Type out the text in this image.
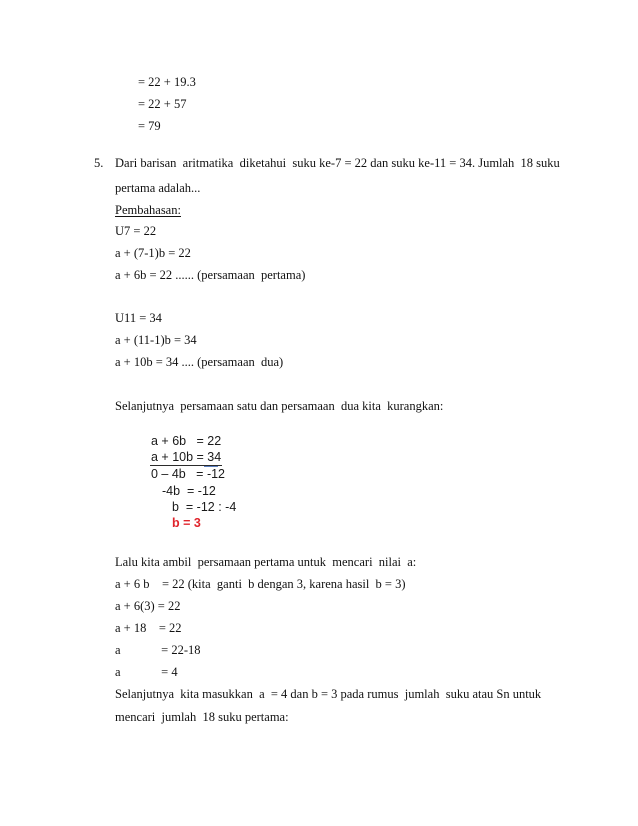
= 22 + 19.3
= 22 + 57
= 79
5. Dari barisan  aritmatika  diketahui  suku ke-7 = 22 dan suku ke-11 = 34. Jumlah  18 suku
pertama adalah...
Pembahasan:
U7 = 22
a + (7-1)b = 22
a + 6b = 22 ...... (persamaan  pertama)
U11 = 34
a + (11-1)b = 34
a + 10b = 34 .... (persamaan  dua)
Selanjutnya  persamaan satu dan persamaan  dua kita  kurangkan:
a + 6b   = 22
a + 10b = 34
0 – 4b   = -12
-4b  = -12
b  = -12 : -4
b = 3
Lalu kita ambil  persamaan pertama untuk  mencari  nilai  a:
a + 6 b    = 22 (kita  ganti  b dengan 3, karena hasil  b = 3)
a + 6(3) = 22
a + 18    = 22
a             = 22-18
a             = 4
Selanjutnya  kita masukkan  a  = 4 dan b = 3 pada rumus  jumlah  suku atau Sn untuk
mencari  jumlah  18 suku pertama:
